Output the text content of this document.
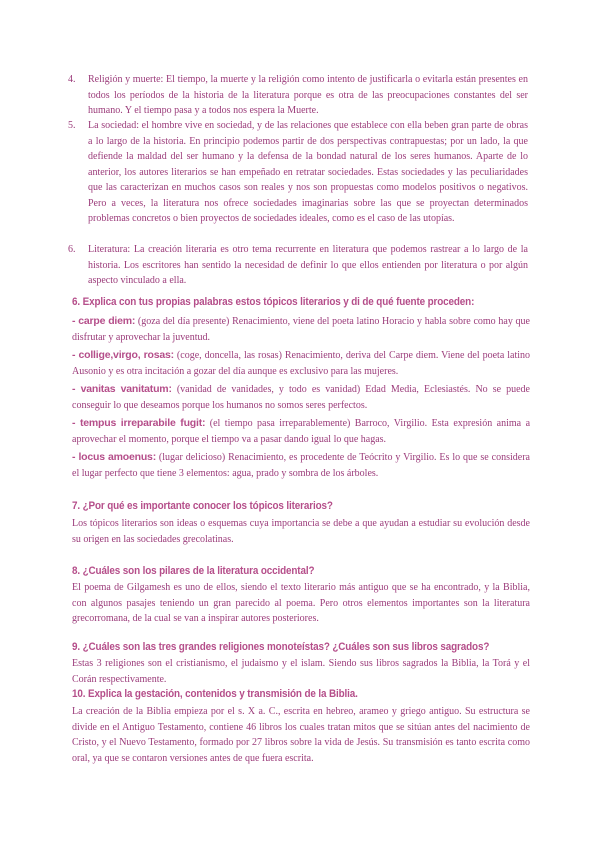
4. Religión y muerte: El tiempo, la muerte y la religión como intento de justificarla o evitarla están presentes en todos los períodos de la historia de la literatura porque es otra de las preocupaciones constantes del ser humano. Y el tiempo pasa y a todos nos espera la Muerte.
5. La sociedad: el hombre vive en sociedad, y de las relaciones que establece con ella beben gran parte de obras a lo largo de la historia. En principio podemos partir de dos perspectivas contrapuestas; por un lado, la que defiende la maldad del ser humano y la defensa de la bondad natural de los seres humanos. Aparte de lo anterior, los autores literarios se han empeñado en retratar sociedades. Estas sociedades y las peculiaridades que las caracterizan en muchos casos son reales y nos son propuestas como modelos positivos o negativos. Pero a veces, la literatura nos ofrece sociedades imaginarias sobre las que se proyectan determinados problemas concretos o bien proyectos de sociedades ideales, como es el caso de las utopías.
6. Literatura: La creación literaria es otro tema recurrente en literatura que podemos rastrear a lo largo de la historia. Los escritores han sentido la necesidad de definir lo que ellos entienden por literatura o por algún aspecto vinculado a ella.
6. Explica con tus propias palabras estos tópicos literarios y di de qué fuente proceden:
- carpe diem: (goza del día presente) Renacimiento, viene del poeta latino Horacio y habla sobre como hay que disfrutar y aprovechar la juventud.
- collige,virgo, rosas: (coge, doncella, las rosas) Renacimiento, deriva del Carpe diem. Viene del poeta latino Ausonio y es otra incitación a gozar del día aunque es exclusivo para las mujeres.
- vanitas vanitatum: (vanidad de vanidades, y todo es vanidad) Edad Media, Eclesiastés. No se puede conseguir lo que deseamos porque los humanos no somos seres perfectos.
- tempus irreparabile fugit: (el tiempo pasa irreparablemente) Barroco, Virgilio. Esta expresión anima a aprovechar el momento, porque el tiempo va a pasar dando igual lo que hagas.
- locus amoenus: (lugar delicioso) Renacimiento, es procedente de Teócrito y Virgilio. Es lo que se considera el lugar perfecto que tiene 3 elementos: agua, prado y sombra de los árboles.
7. ¿Por qué es importante conocer los tópicos literarios?
Los tópicos literarios son ideas o esquemas cuya importancia se debe a que ayudan a estudiar su evolución desde su origen en las sociedades grecolatinas.
8. ¿Cuáles son los pilares de la literatura occidental?
El poema de Gilgamesh es uno de ellos, siendo el texto literario más antiguo que se ha encontrado, y la Biblia, con algunos pasajes teniendo un gran parecido al poema. Pero otros elementos importantes son la literatura grecorromana, de la cual se van a inspirar autores posteriores.
9. ¿Cuáles son las tres grandes religiones monoteístas? ¿Cuáles son sus libros sagrados?
Estas 3 religiones son el cristianismo, el judaismo y el islam. Siendo sus libros sagrados la Biblia, la Torá y el Corán respectivamente.
10. Explica la gestación, contenidos y transmisión de la Biblia.
La creación de la Biblia empieza por el s. X a. C., escrita en hebreo, arameo y griego antiguo. Su estructura se divide en el Antiguo Testamento, contiene 46 libros los cuales tratan mitos que se sitúan antes del nacimiento de Cristo, y el Nuevo Testamento, formado por 27 libros sobre la vida de Jesús. Su transmisión es tanto escrita como oral, ya que se contaron versiones antes de que fuera escrita.
